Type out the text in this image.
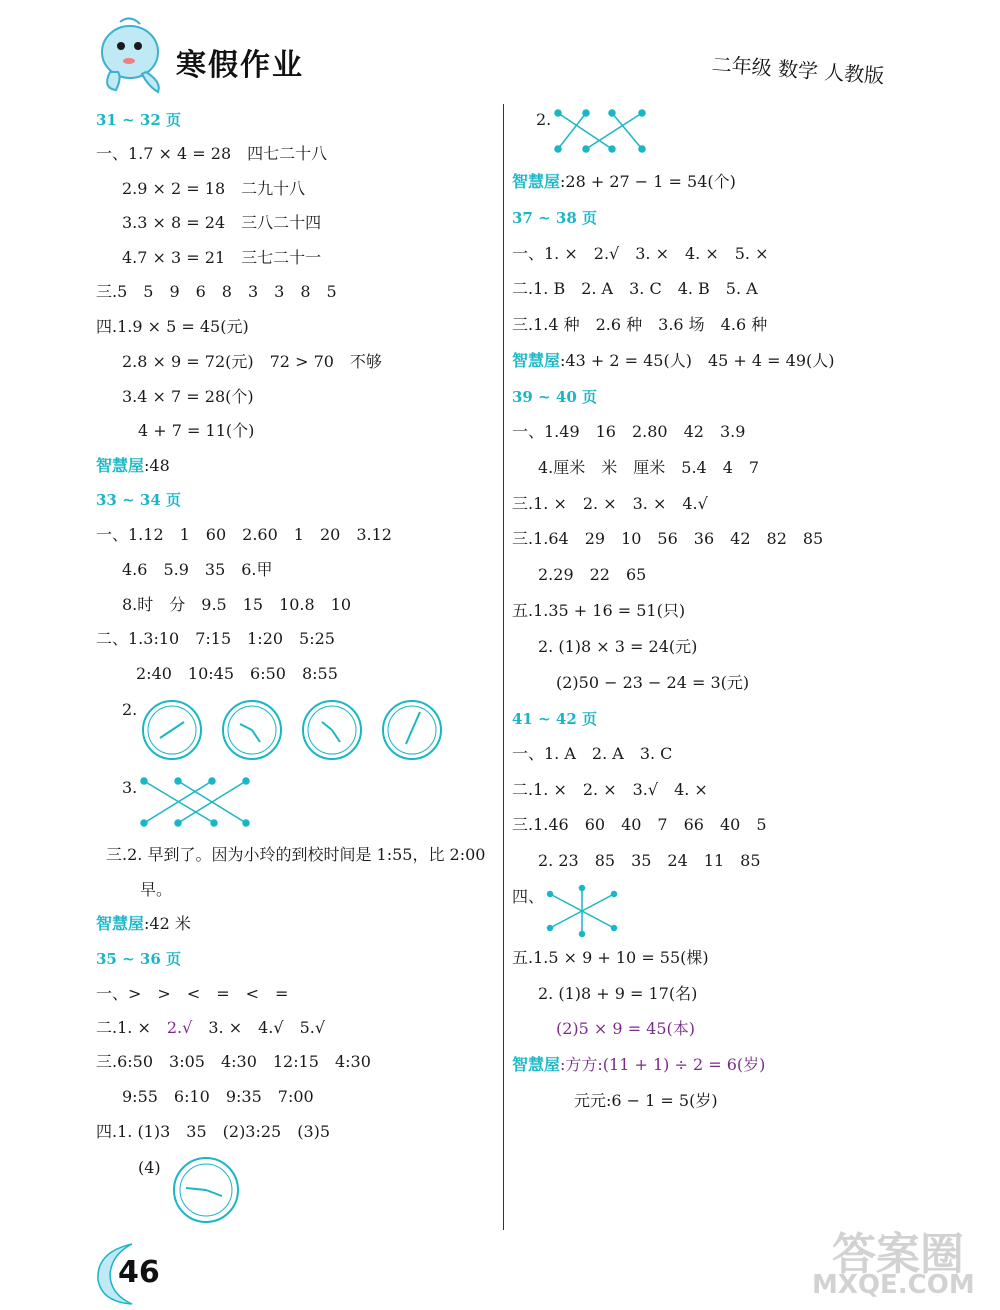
寒假作业	二年级 数学 人教版
31 ~ 32 页
一、1.7 × 4 = 28　四七二十八
2.9 × 2 = 18　二九十八
3.3 × 8 = 24　三八二十四
4.7 × 3 = 21　三七二十一
三.5　5　9　6　8　3　3　8　5
四.1.9 × 5 = 45(元)
2.8 × 9 = 72(元)　72 > 70　不够
3.4 × 7 = 28(个)
4 + 7 = 11(个)
智慧屋:48
33 ~ 34 页
一、1.12　1　60　2.60　1　20　3.12
4.6　5.9　35　6.甲
8.时　分　9.5　15　10.8　10
二、1.3:10　7:15　1:20　5:25
2:40　10:45　6:50　8:55
2.
3.
三.2. 早到了。因为小玲的到校时间是 1:55，比 2:00
早。
智慧屋:42 米
35 ~ 36 页
一、>　>　<　=　<　=
二.1. ×　 2.√　 3. ×　4.√　5.√
三.6:50　3:05　4:30　12:15　4:30
9:55　6:10　9:35　7:00
四.1. (1)3　35　(2)3:25　(3)5
(4)
2.
智慧屋:28 + 27 − 1 = 54(个)
37 ~ 38 页
一、1. ×　2.√　3. ×　4. ×　5. ×
二.1. B　2. A　3. C　4. B　5. A
三.1.4 种　2.6 种　3.6 场　4.6 种
智慧屋:43 + 2 = 45(人)　45 + 4 = 49(人)
39 ~ 40 页
一、1.49　16　2.80　42　3.9
4.厘米　米　厘米　5.4　4　7
三.1. ×　2. ×　3. ×　4.√
三.1.64　29　10　56　36　42　82　85
2.29　22　65
五.1.35 + 16 = 51(只)
2. (1)8 × 3 = 24(元)
(2)50 − 23 − 24 = 3(元)
41 ~ 42 页
一、1. A　2. A　3. C
二.1. ×　2. ×　3.√　4. ×
三.1.46　60　40　7　66　40　5
2. 23　85　35　24　11　85
四、
五.1.5 × 9 + 10 = 55(棵)
2. (1)8 + 9 = 17(名)
(2)5 × 9 = 45(本)
智慧屋:方方:(11 + 1) ÷ 2 = 6(岁)
元元:6 − 1 = 5(岁)
46	答案圈
MXQE.COM
